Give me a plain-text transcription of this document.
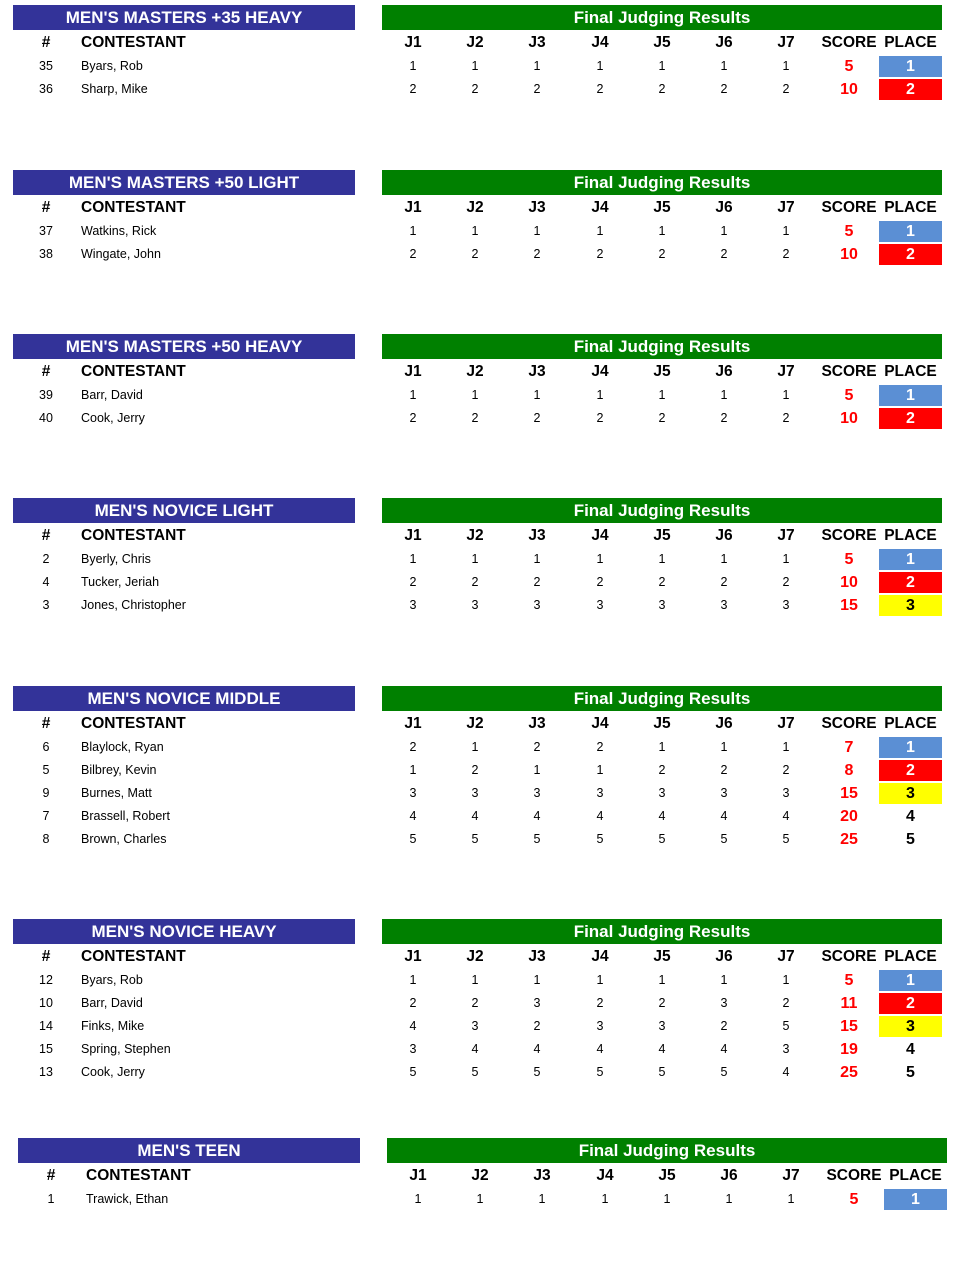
MEN'S MASTERS +35 HEAVY	Final Judging Results
#	CONTESTANT	J1	J2	J3	J4	J5	J6	J7	SCORE PLACE
35	Byars, Rob	1	1	1	1	1	1	1	5	1
36	Sharp, Mike	2	2	2	2	2	2	2	10	2
MEN'S MASTERS +50 LIGHT	Final Judging Results
#	CONTESTANT	J1	J2	J3	J4	J5	J6	J7	SCORE PLACE
37	Watkins, Rick	1	1	1	1	1	1	1	5	1
38	Wingate, John	2	2	2	2	2	2	2	10	2
MEN'S MASTERS +50 HEAVY	Final Judging Results
#	CONTESTANT	J1	J2	J3	J4	J5	J6	J7	SCORE PLACE
39	Barr, David	1	1	1	1	1	1	1	5	1
40	Cook, Jerry	2	2	2	2	2	2	2	10	2
MEN'S NOVICE LIGHT	Final Judging Results
#	CONTESTANT	J1	J2	J3	J4	J5	J6	J7	SCORE PLACE
2	Byerly, Chris	1	1	1	1	1	1	1	5	1
4	Tucker, Jeriah	2	2	2	2	2	2	2	10	2
3	Jones, Christopher	3	3	3	3	3	3	3	15	3
MEN'S NOVICE MIDDLE	Final Judging Results
#	CONTESTANT	J1	J2	J3	J4	J5	J6	J7	SCORE PLACE
6	Blaylock, Ryan	2	1	2	2	1	1	1	7	1
5	Bilbrey, Kevin	1	2	1	1	2	2	2	8	2
9	Burnes, Matt	3	3	3	3	3	3	3	15	3
7	Brassell, Robert	4	4	4	4	4	4	4	20	4
8	Brown, Charles	5	5	5	5	5	5	5	25	5
MEN'S NOVICE HEAVY	Final Judging Results
#	CONTESTANT	J1	J2	J3	J4	J5	J6	J7	SCORE PLACE
12	Byars, Rob	1	1	1	1	1	1	1	5	1
10	Barr, David	2	2	3	2	2	3	2	11	2
14	Finks, Mike	4	3	2	3	3	2	5	15	3
15	Spring, Stephen	3	4	4	4	4	4	3	19	4
13	Cook, Jerry	5	5	5	5	5	5	4	25	5
MEN'S TEEN	Final Judging Results
#	CONTESTANT	J1	J2	J3	J4	J5	J6	J7	SCORE PLACE
1	Trawick, Ethan	1	1	1	1	1	1	1	5	1
